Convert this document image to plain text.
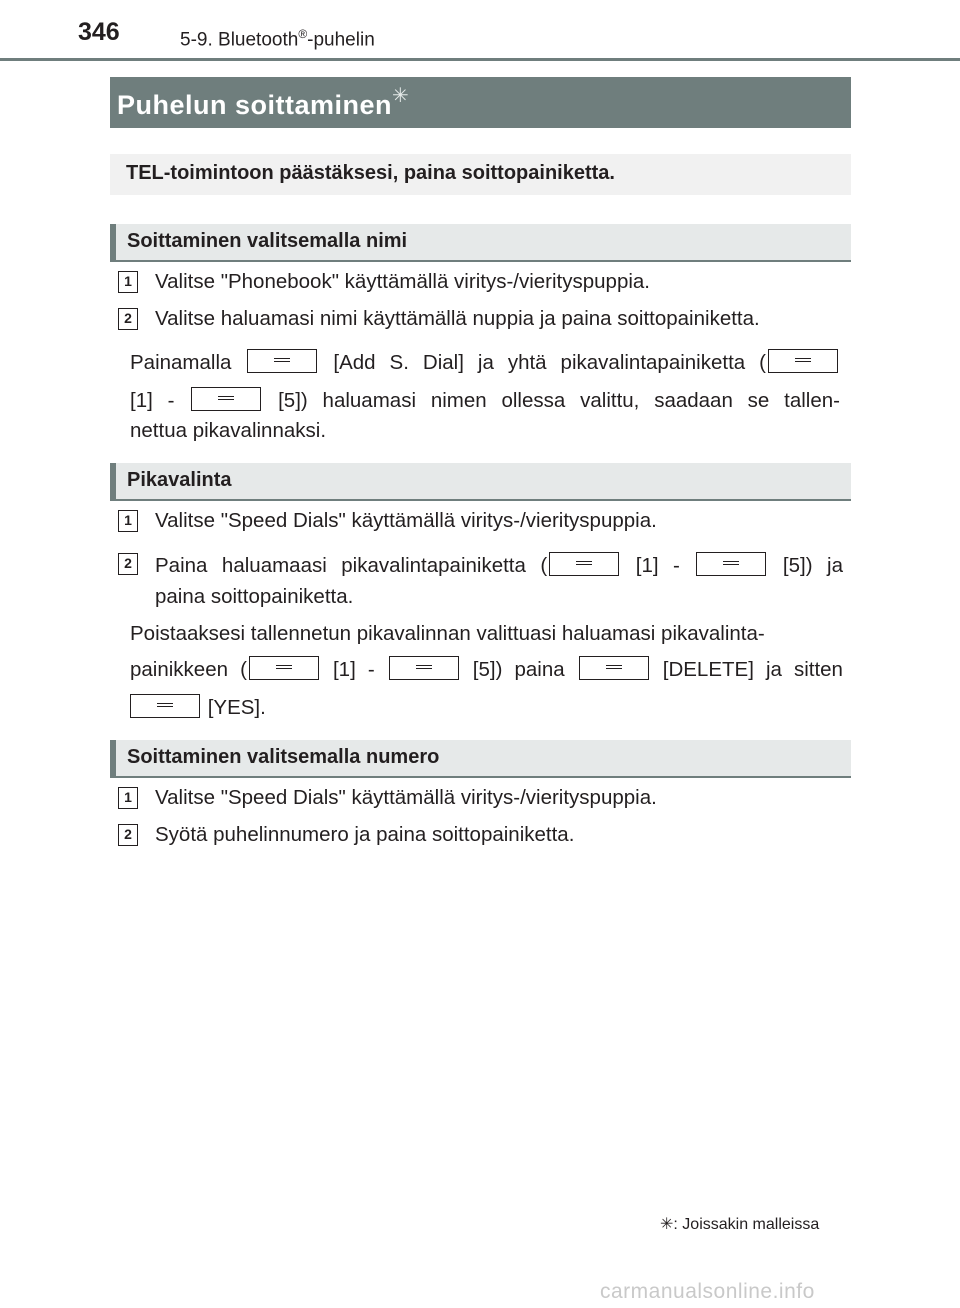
346	5-9. Bluetooth®-puhelin
Puhelun soittaminen✳
TEL-toimintoon päästäksesi, paina soittopainiketta.
Soittaminen valitsemalla nimi
1 Valitse "Phonebook" käyttämällä viritys-/vierityspuppia.
2 Valitse haluamasi nimi käyttämällä nuppia ja paina soittopainiketta.
Painamalla	[Add S. Dial] ja yhtä pikavalintapainiketta (
[1] -	[5]) haluamasi nimen ollessa valittu, saadaan se tallen-
nettua pikavalinnaksi.
Pikavalinta
1 Valitse "Speed Dials" käyttämällä viritys-/vierityspuppia.
2 Paina haluamaasi pikavalintapainiketta (	[1] -	[5]) ja
paina soittopainiketta.
Poistaaksesi tallennetun pikavalinnan valittuasi haluamasi pikavalinta-
painikkeen (	[1] -	[5]) paina	[DELETE] ja sitten
[YES].
Soittaminen valitsemalla numero
1 Valitse "Speed Dials" käyttämällä viritys-/vierityspuppia.
2 Syötä puhelinnumero ja paina soittopainiketta.
✳: Joissakin malleissa
carmanualsonline.info
